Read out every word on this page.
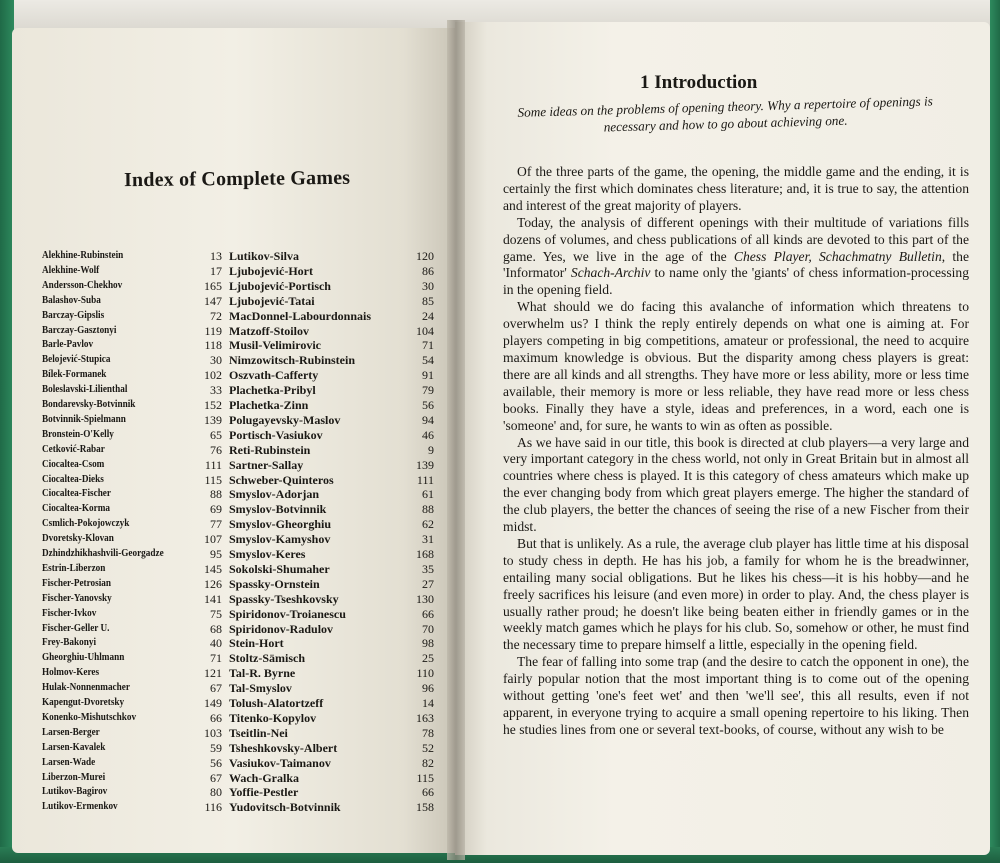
Index of Complete Games
Alekhine-Rubinstein
Alekhine-Wolf
Andersson-Chekhov
Balashov-Suba
Barczay-Gipslis
Barczay-Gasztonyi
Barle-Pavlov
Belojević-Stupica
Bílek-Formanek
Boleslavski-Lilienthal
Bondarevsky-Botvinnik
Botvinnik-Spielmann
Bronstein-O'Kelly
Cetković-Rabar
Ciocaltea-Csom
Ciocaltea-Dieks
Ciocaltea-Fischer
Ciocaltea-Korma
Csmlich-Pokojowczyk
Dvoretsky-Klovan
Dzhindzhikhashvili-Georgadze
Estrin-Liberzon
Fischer-Petrosian
Fischer-Yanovsky
Fischer-Ivkov
Fischer-Geller U.
Frey-Bakonyi
Gheorghiu-Uhlmann
Holmov-Keres
Hulak-Nonnenmacher
Kapengut-Dvoretsky
Konenko-Mishutschkov
Larsen-Berger
Larsen-Kavalek
Larsen-Wade
Liberzon-Murei
Lutikov-Bagirov
Lutikov-Ermenkov
13
17
165
147
72
119
118
30
102
33
152
139
65
76
111
115
88
69
77
107
95
145
126
141
75
68
40
71
121
67
149
66
103
59
56
67
80
116
Lutikov-Silva
Ljubojević-Hort
Ljubojević-Portisch
Ljubojević-Tatai
MacDonnel-Labourdonnais
Matzoff-Stoilov
Musil-Velimirovic
Nimzowitsch-Rubinstein
Oszvath-Cafferty
Plachetka-Pribyl
Plachetka-Zinn
Polugayevsky-Maslov
Portisch-Vasiukov
Reti-Rubinstein
Sartner-Sallay
Schweber-Quinteros
Smyslov-Adorjan
Smyslov-Botvinnik
Smyslov-Gheorghiu
Smyslov-Kamyshov
Smyslov-Keres
Sokolski-Shumaher
Spassky-Ornstein
Spassky-Tseshkovsky
Spiridonov-Troianescu
Spiridonov-Radulov
Stein-Hort
Stoltz-Sämisch
Tal-R. Byrne
Tal-Smyslov
Tolush-Alatortzeff
Titenko-Kopylov
Tseitlin-Nei
Tsheshkovsky-Albert
Vasiukov-Taimanov
Wach-Gralka
Yoffie-Pestler
Yudovitsch-Botvinnik
120
86
30
85
24
104
71
54
91
79
56
94
46
9
139
111
61
88
62
31
168
35
27
130
66
70
98
25
110
96
14
163
78
52
82
115
66
158
1 Introduction
Some ideas on the problems of opening theory. Why a repertoire of openings is necessary and how to go about achieving one.

Of the three parts of the game, the opening, the middle game and the ending, it is certainly the first which dominates chess literature; and, it is true to say, the attention and interest of the great majority of players.

Today, the analysis of different openings with their multitude of variations fills dozens of volumes, and chess publications of all kinds are devoted to this part of the game. Yes, we live in the age of the Chess Player, Schachmatny Bulletin, the 'Informator' Schach-Archiv to name only the 'giants' of chess information-processing in the opening field.

What should we do facing this avalanche of information which threatens to overwhelm us? I think the reply entirely depends on what one is aiming at. For players competing in big competitions, amateur or professional, the need to acquire maximum knowledge is obvious. But the disparity among chess players is great: there are all kinds and all strengths. They have more or less ability, more or less time available, their memory is more or less reliable, they have read more or less chess books. Finally they have a style, ideas and preferences, in a word, each one is 'someone' and, for sure, he wants to win as often as possible.

As we have said in our title, this book is directed at club players—a very large and very important category in the chess world, not only in Great Britain but in almost all countries where chess is played. It is this category of chess amateurs which make up the ever changing body from which great players emerge. The higher the standard of the club players, the better the chances of seeing the rise of a new Fischer from their midst.

But that is unlikely. As a rule, the average club player has little time at his disposal to study chess in depth. He has his job, a family for whom he is the breadwinner, entailing many social obligations. But he likes his chess—it is his hobby—and he freely sacrifices his leisure (and even more) in order to play. And, the chess player is usually rather proud; he doesn't like being beaten either in friendly games or in the weekly match games which he plays for his club. So, somehow or other, he must find the necessary time to prepare himself a little, especially in the opening field.

The fear of falling into some trap (and the desire to catch the opponent in one), the fairly popular notion that the most important thing is to come out of the opening without getting 'one's feet wet' and then 'we'll see', this all results, even if not apparent, in everyone trying to acquire a small opening repertoire to his liking. Then he studies lines from one or several text-books, of course, without any wish to be
